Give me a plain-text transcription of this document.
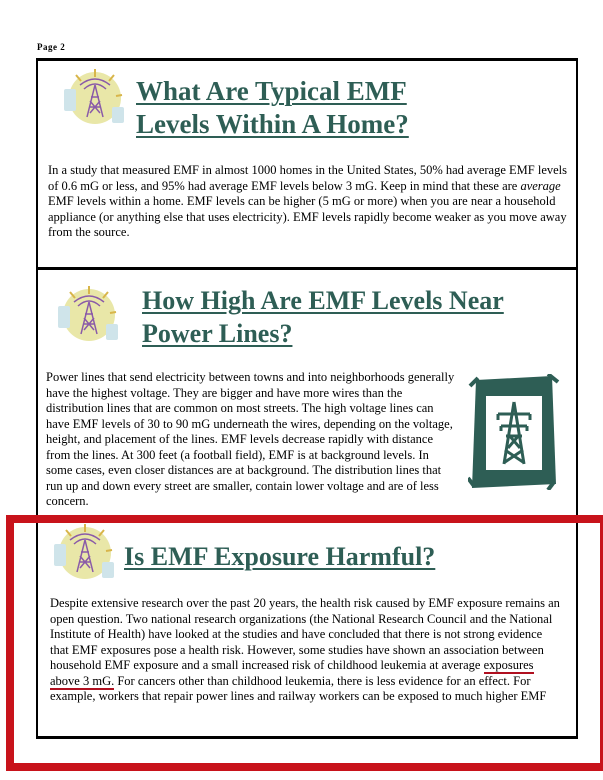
Page 2
What Are Typical EMF
Levels Within A Home?
In a study that measured EMF in almost 1000 homes in the United States, 50% had average EMF levels of 0.6 mG or less, and 95% had average EMF levels below 3 mG. Keep in mind that these are average EMF levels within a home. EMF levels can be higher (5 mG or more) when you are near a household appliance (or anything else that uses electricity). EMF levels rapidly become weaker as you move away from the source.
How High Are EMF Levels Near
Power Lines?
Power lines that send electricity between towns and into neighborhoods generally have the highest voltage. They are bigger and have more wires than the distribution lines that are common on most streets. The high voltage lines can have EMF levels of 30 to 90 mG underneath the wires, depending on the voltage, height, and placement of the lines. EMF levels decrease rapidly with distance from the lines. At 300 feet (a football field), EMF is at background levels. In some cases, even closer distances are at background. The distribution lines that run up and down every street are smaller, contain lower voltage and are of less concern.
Is EMF Exposure Harmful?
Despite extensive research over the past 20 years, the health risk caused by EMF exposure remains an open question. Two national research organizations (the National Research Council and the National Institute of Health) have looked at the studies and have concluded that there is not strong evidence that EMF exposures pose a health risk. However, some studies have shown an association between household EMF exposure and a small increased risk of childhood leukemia at average exposures above 3 mG. For cancers other than childhood leukemia, there is less evidence for an effect. For example, workers that repair power lines and railway workers can be exposed to much higher EMF
